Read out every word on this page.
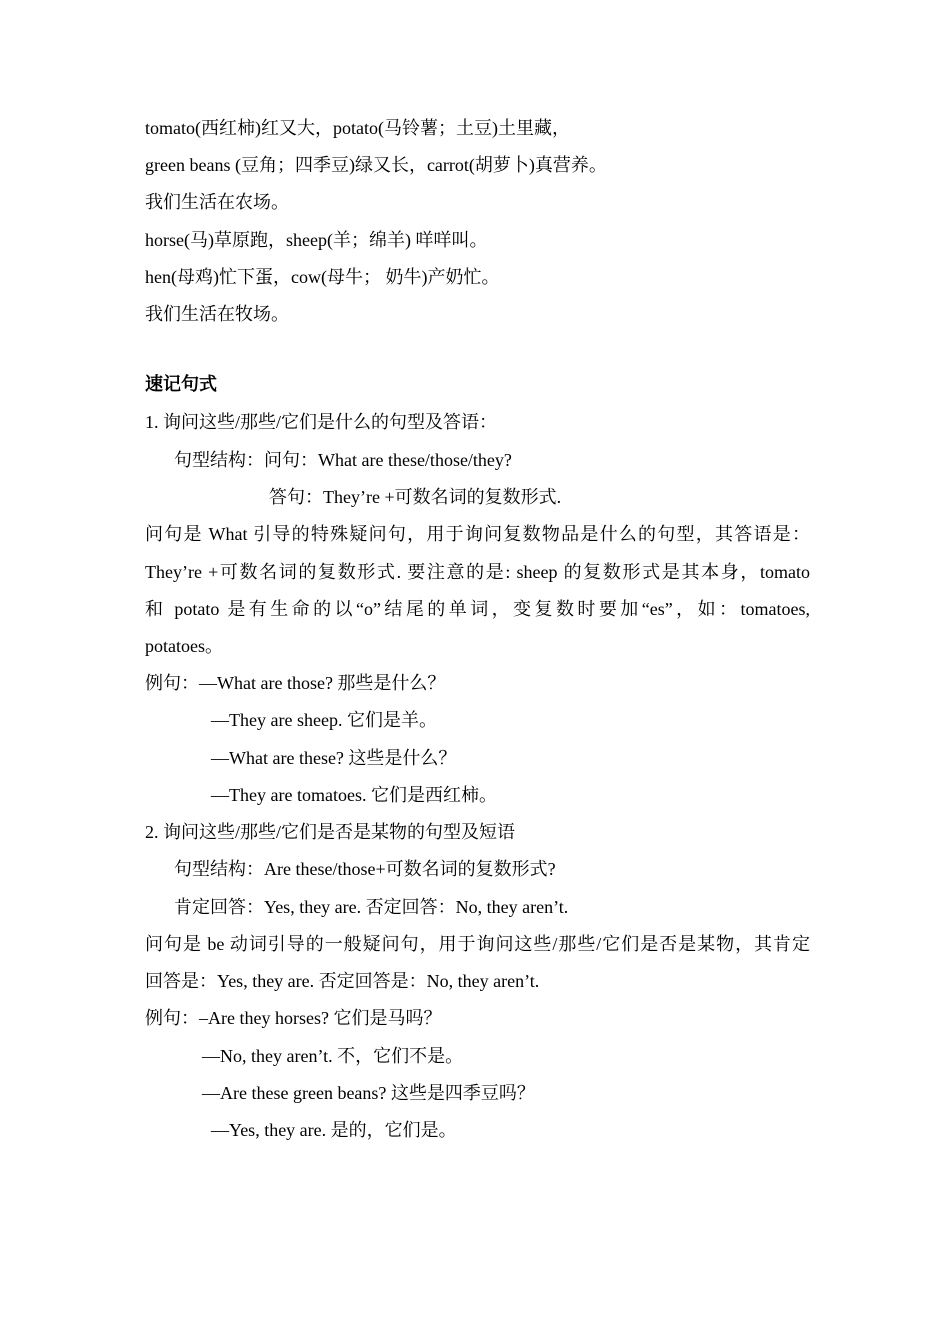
tomato(西红柿)红又大，potato(马铃薯；土豆)土里藏，
green beans (豆角；四季豆)绿又长，carrot(胡萝卜)真营养。
我们生活在农场。
horse(马)草原跑，sheep(羊；绵羊) 咩咩叫。
hen(母鸡)忙下蛋，cow(母牛； 奶牛)产奶忙。
我们生活在牧场。
速记句式
1. 询问这些/那些/它们是什么的句型及答语：
句型结构：问句：What are these/those/they?
答句：They’re +可数名词的复数形式.
问句是 What 引导的特殊疑问句，用于询问复数物品是什么的句型，其答语是：
They’re +可数名词的复数形式. 要注意的是: sheep 的复数形式是其本身，tomato
和 potato 是有生命的以“o”结尾的单词，变复数时要加“es”，如：tomatoes,
potatoes。
例句：—What are those? 那些是什么？
—They are sheep. 它们是羊。
—What are these? 这些是什么？
—They are tomatoes. 它们是西红柿。
2. 询问这些/那些/它们是否是某物的句型及短语
句型结构：Are these/those+可数名词的复数形式?
肯定回答：Yes, they are. 否定回答：No, they aren’t.
问句是 be 动词引导的一般疑问句，用于询问这些/那些/它们是否是某物，其肯定
回答是：Yes, they are. 否定回答是：No, they aren’t.
例句：–Are they horses? 它们是马吗？
—No, they aren’t. 不，它们不是。
—Are these green beans? 这些是四季豆吗？
—Yes, they are. 是的，它们是。
